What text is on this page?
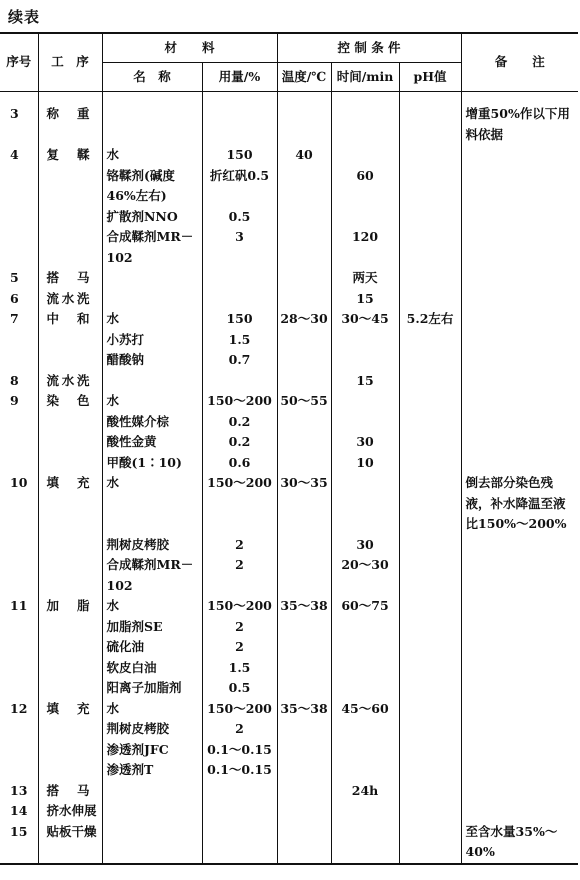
续表
序号	工　序	材　　料		控 制 条 件			备　　注
		名　称	用量/%	温度/℃	时间/min	pH值	
3	称重						增重50%作以下用料依据
4	复鞣	水	150	40			
		铬鞣剂(碱度46%左右)	折红矾0.5		60		
		扩散剂NNO	0.5				
		合成鞣剂MR－102	3		120		
5	搭马				两天		
6	流水洗				15		
7	中和	水	150	28～30	30～45	5.2左右	
		小苏打	1.5				
		醋酸钠	0.7				
8	流水洗				15		
9	染色	水	150～200	50～55			
		酸性媒介棕	0.2				
		酸性金黄	0.2		30		
		甲酸(1∶10)	0.6		10		
10	填充	水	150～200	30～35			倒去部分染色残液，补水降温至液比150%～200%
		荆树皮栲胶	2		30		
		合成鞣剂MR－102	2		20～30		
11	加脂	水	150～200	35～38	60～75		
		加脂剂SE	2				
		硫化油	2				
		软皮白油	1.5				
		阳离子加脂剂	0.5				
12	填充	水	150～200	35～38	45～60		
		荆树皮栲胶	2				
		渗透剂JFC	0.1～0.15				
		渗透剂T	0.1～0.15				
13	搭马				24h		
14	挤水伸展						
15	贴板干燥						至含水量35%～40%
